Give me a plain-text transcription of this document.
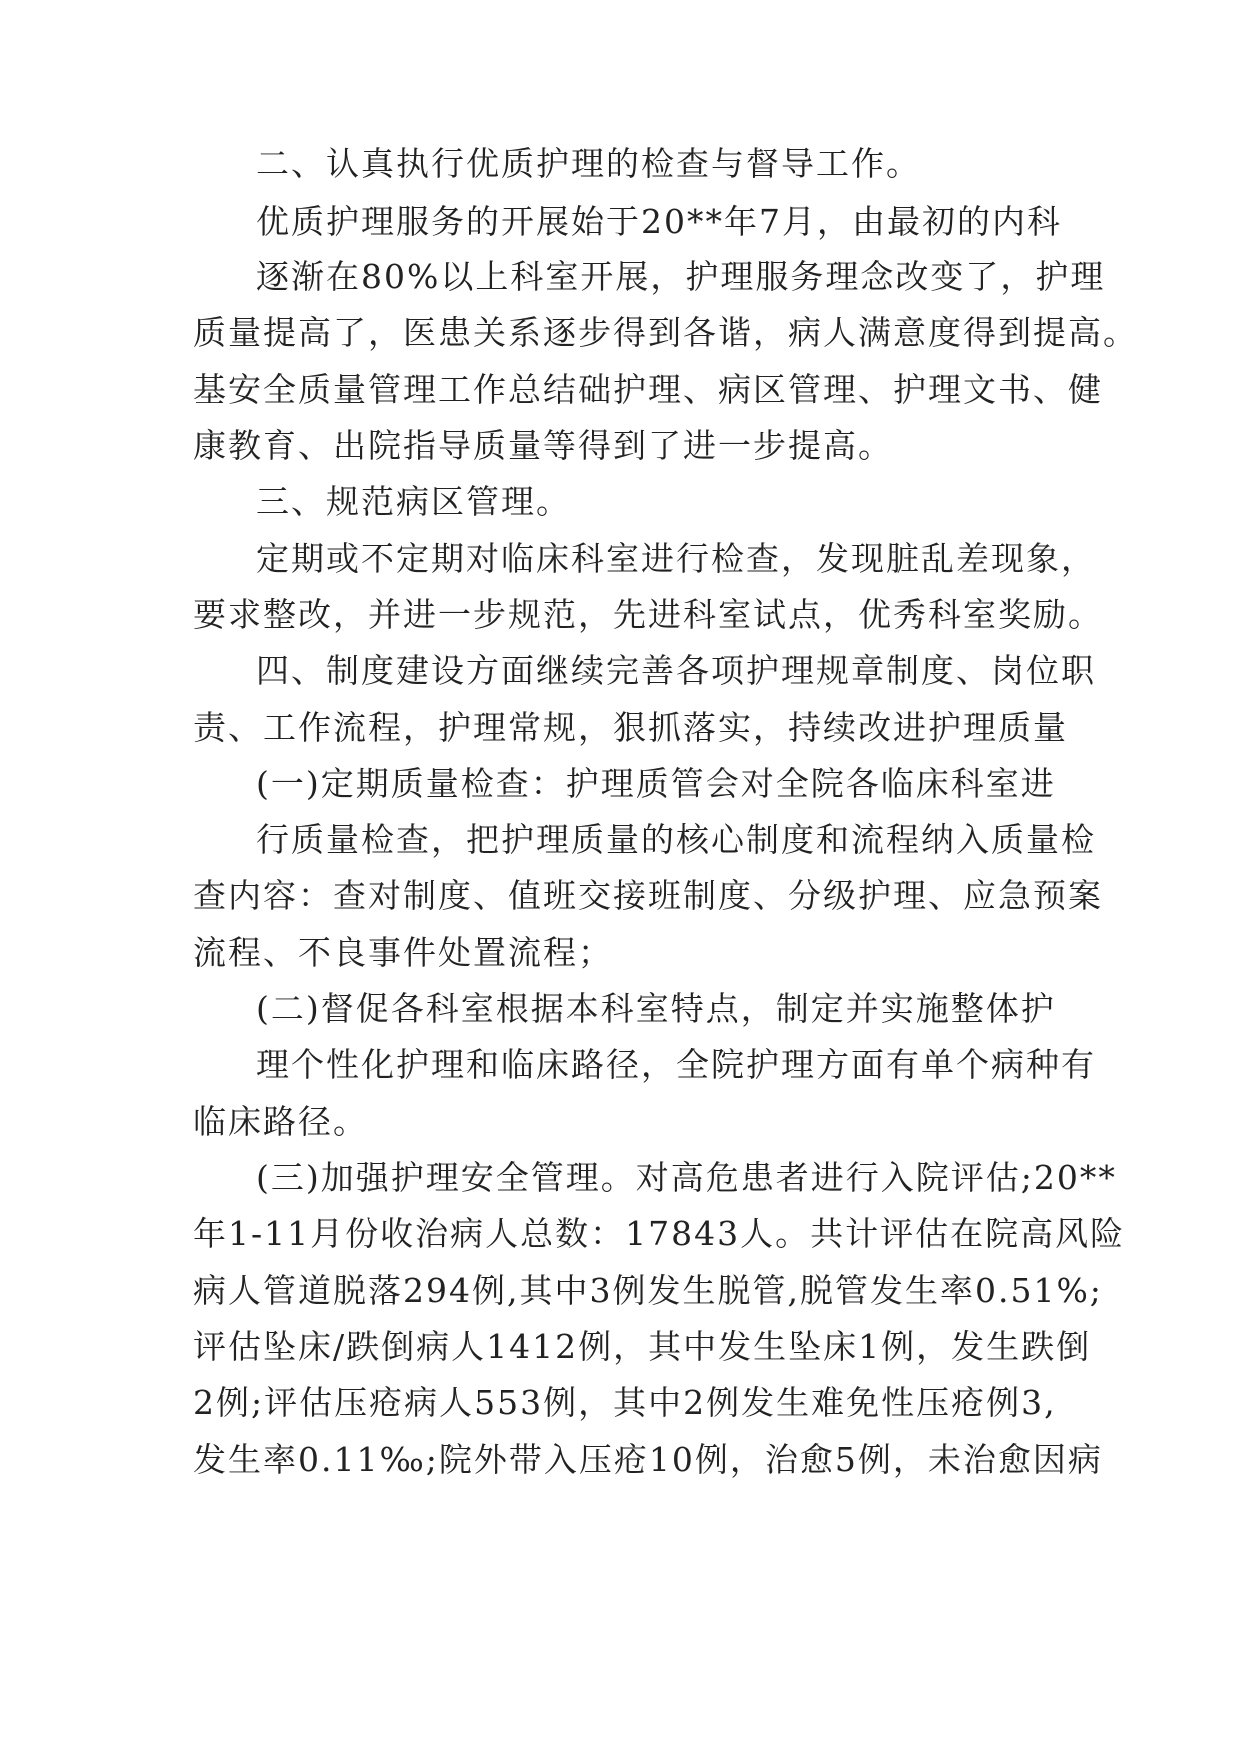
二、认真执行优质护理的检查与督导工作。
优质护理服务的开展始于20**年7月，由最初的内科
逐渐在80%以上科室开展，护理服务理念改变了，护理
质量提高了，医患关系逐步得到各谐，病人满意度得到提高。
基安全质量管理工作总结础护理、病区管理、护理文书、健
康教育、出院指导质量等得到了进一步提高。
三、规范病区管理。
定期或不定期对临床科室进行检查，发现脏乱差现象，
要求整改，并进一步规范，先进科室试点，优秀科室奖励。
四、制度建设方面继续完善各项护理规章制度、岗位职
责、工作流程，护理常规，狠抓落实，持续改进护理质量
(一)定期质量检查：护理质管会对全院各临床科室进
行质量检查，把护理质量的核心制度和流程纳入质量检
查内容：查对制度、值班交接班制度、分级护理、应急预案
流程、不良事件处置流程；
(二)督促各科室根据本科室特点，制定并实施整体护
理个性化护理和临床路径，全院护理方面有单个病种有
临床路径。
(三)加强护理安全管理。对高危患者进行入院评估;20**
年1-11月份收治病人总数：17843人。共计评估在院高风险
病人管道脱落294例,其中3例发生脱管,脱管发生率0.51%;
评估坠床/跌倒病人1412例，其中发生坠床1例，发生跌倒
2例;评估压疮病人553例，其中2例发生难免性压疮例3,
发生率0.11‰;院外带入压疮10例，治愈5例，未治愈因病
